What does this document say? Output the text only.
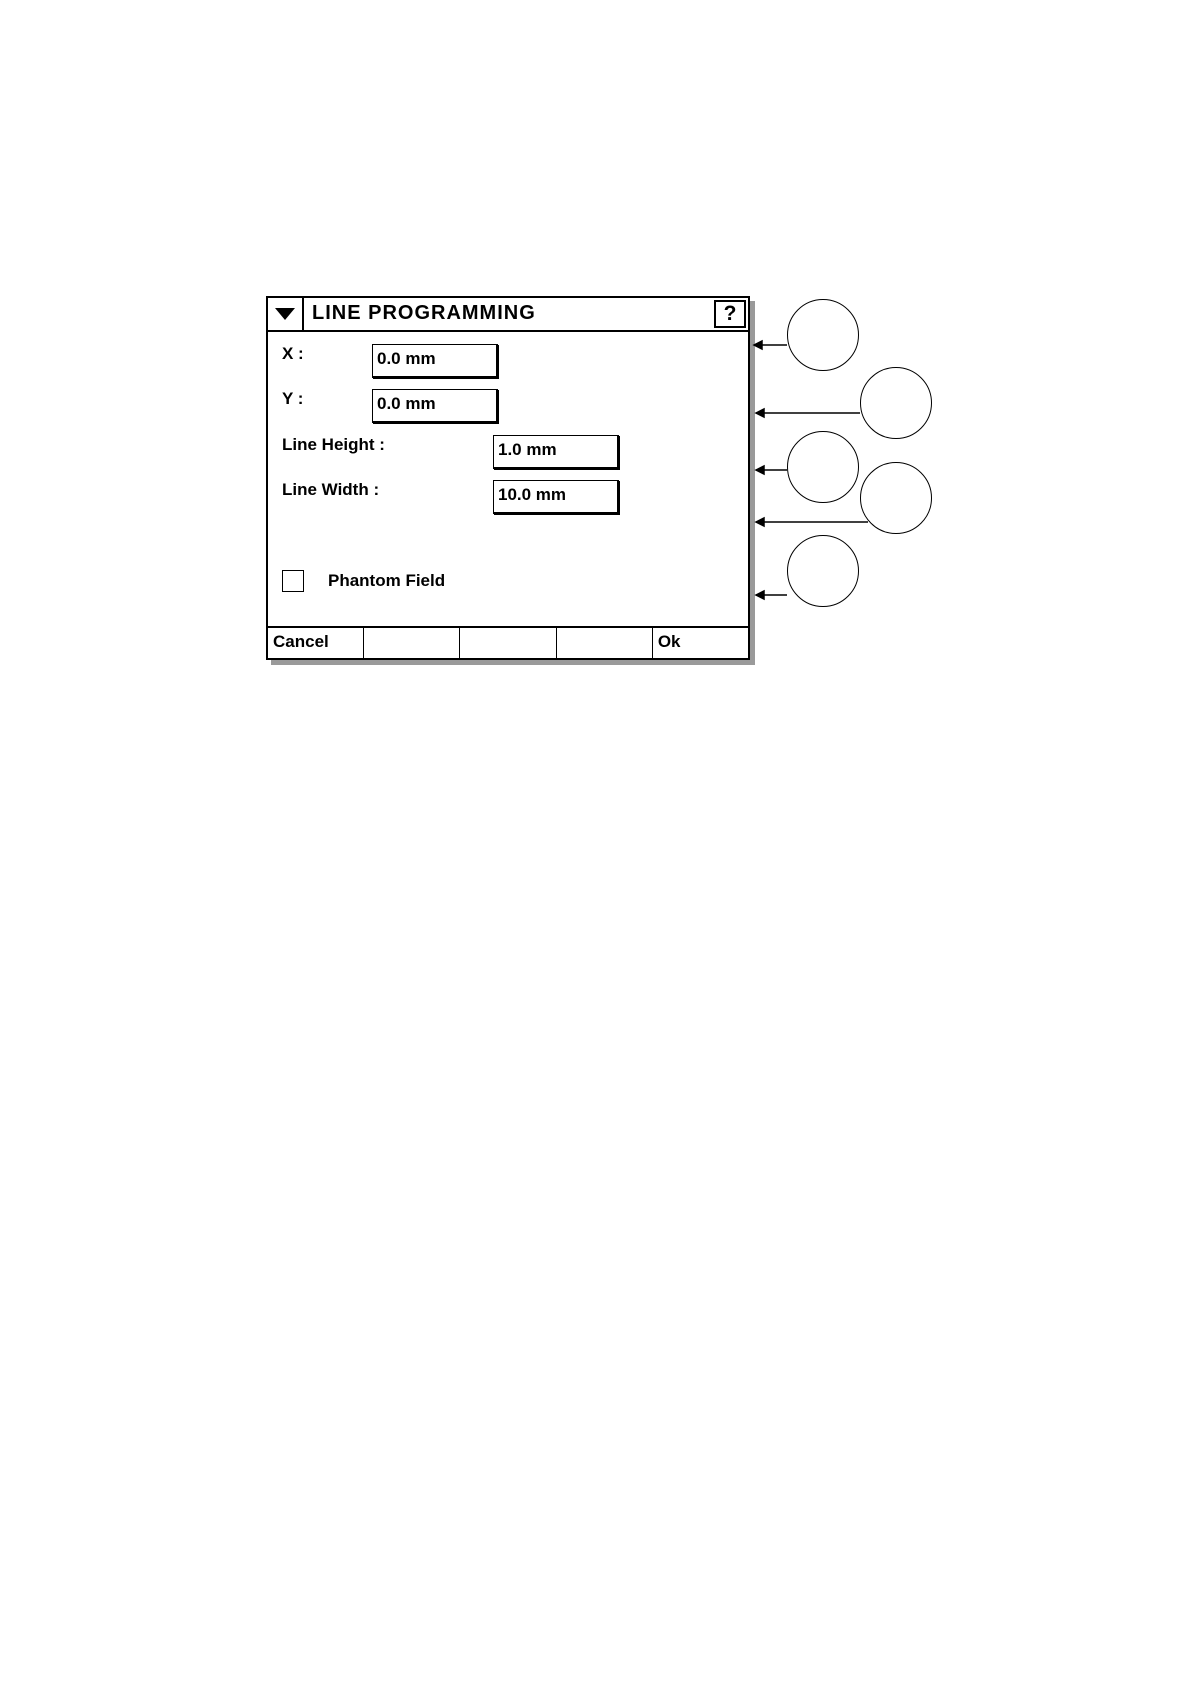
LINE PROGRAMMING	?
X :	0.0 mm
Y :	0.0 mm
Line Height :	1.0 mm
Line Width :	10.0 mm
Phantom Field
Cancel	Ok
